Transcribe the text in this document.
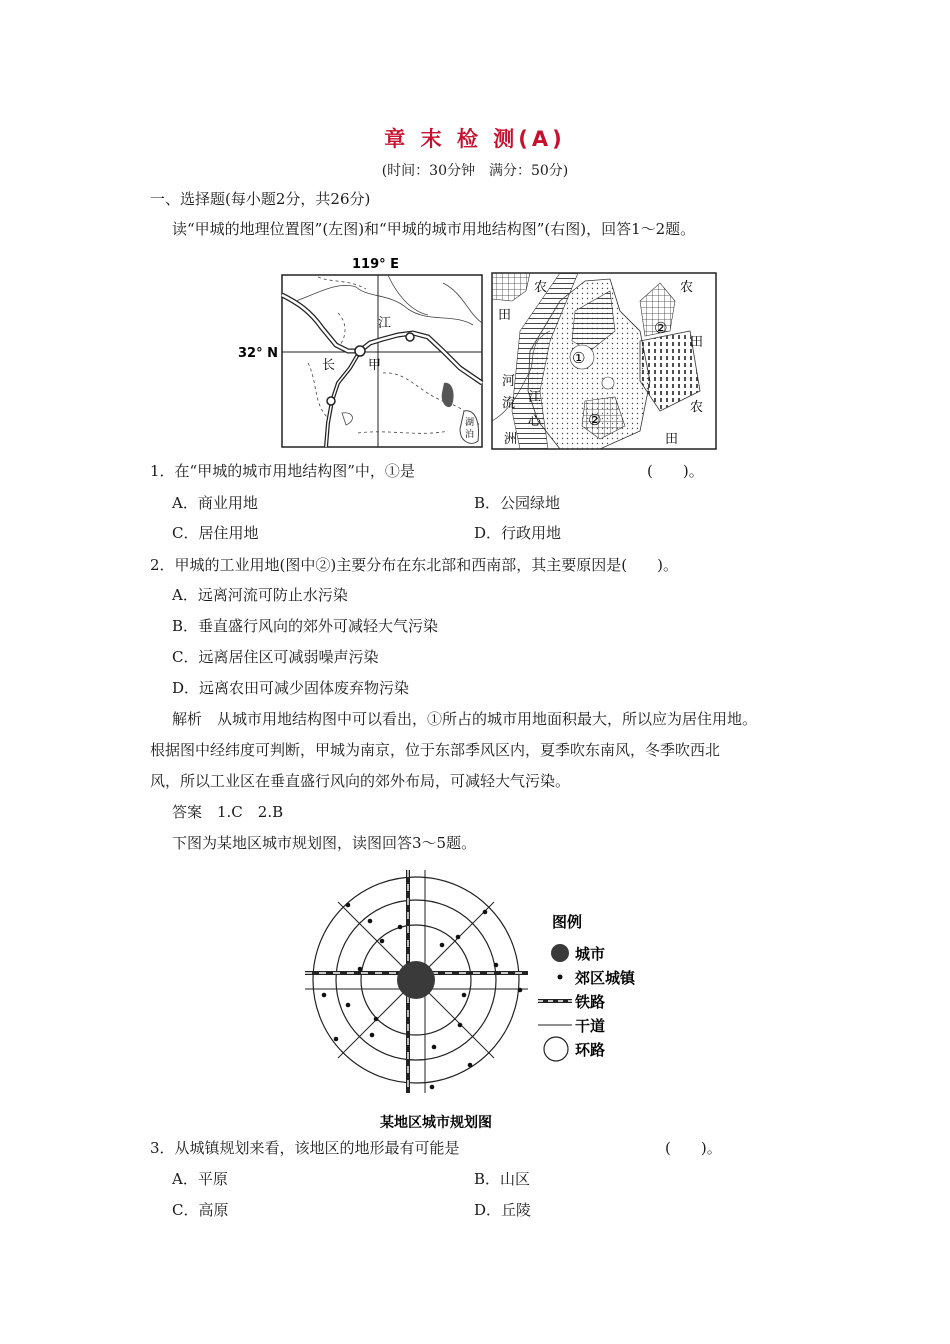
章 末 检 测(A)
(时间：30分钟　满分：50分)
一、选择题(每小题2分，共26分)
读“甲城的地理位置图”(左图)和“甲城的城市用地结构图”(右图)，回答1～2题。
119° E
32° N
江
长	甲
湖
泊
农
田
农
田
农
田
河
流 江
心
洲
①
②
②
1．在“甲城的城市用地结构图”中，①是	(　　)。
A．商业用地	B．公园绿地
C．居住用地	D．行政用地
2．甲城的工业用地(图中②)主要分布在东北部和西南部，其主要原因是(　　)。
A．远离河流可防止水污染
B．垂直盛行风向的郊外可减轻大气污染
C．远离居住区可减弱噪声污染
D．远离农田可减少固体废弃物污染
解析　从城市用地结构图中可以看出，①所占的城市用地面积最大，所以应为居住用地。
根据图中经纬度可判断，甲城为南京，位于东部季风区内，夏季吹东南风，冬季吹西北
风，所以工业区在垂直盛行风向的郊外布局，可减轻大气污染。
答案　1.C　2.B
下图为某地区城市规划图，读图回答3～5题。
图例
城市
郊区城镇
铁路
干道
环路
某地区城市规划图
3．从城镇规划来看，该地区的地形最有可能是	(　　)。
A．平原	B．山区
C．高原	D．丘陵
